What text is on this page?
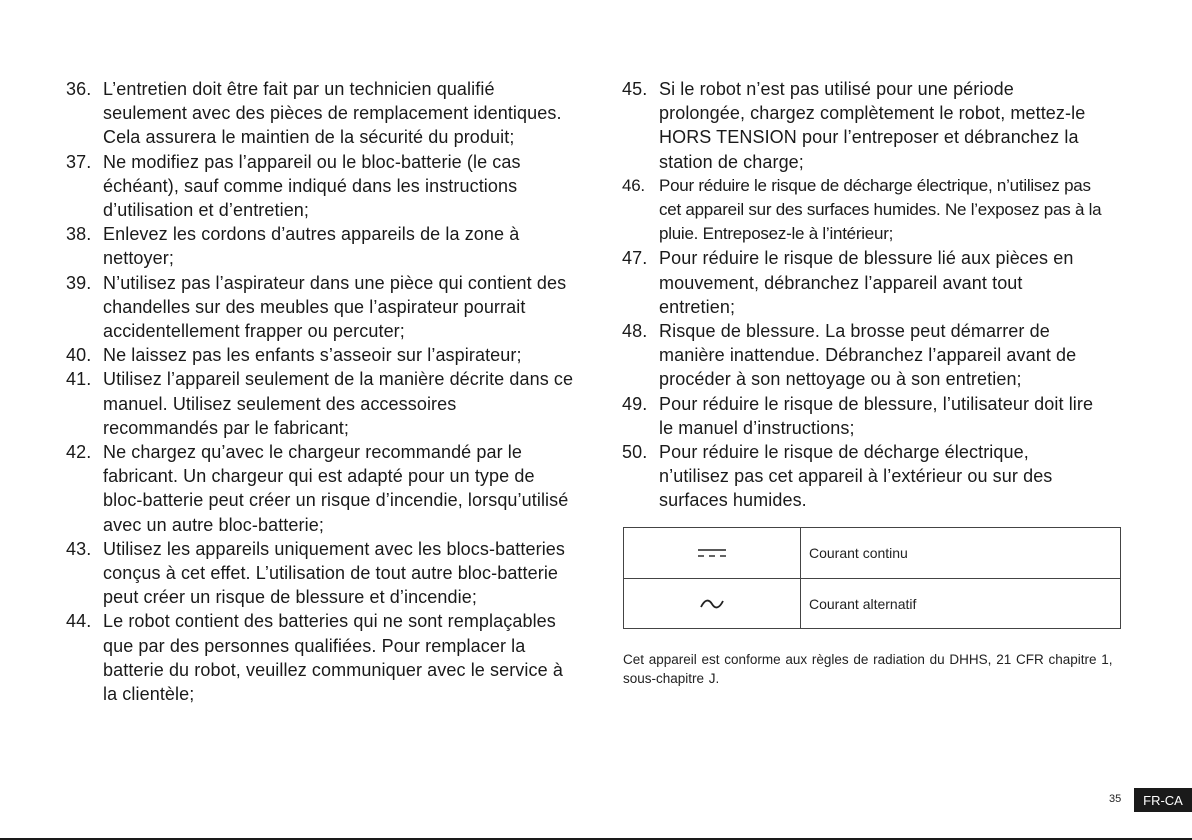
36. L’entretien doit être fait par un technicien qualifié seulement avec des pièces de remplacement identiques. Cela assurera le maintien de la sécurité du produit;
37. Ne modifiez pas l’appareil ou le bloc-batterie (le cas échéant), sauf comme indiqué dans les instructions d’utilisation et d’entretien;
38. Enlevez les cordons d’autres appareils de la zone à nettoyer;
39. N’utilisez pas l’aspirateur dans une pièce qui contient des chandelles sur des meubles que l’aspirateur pourrait accidentellement frapper ou percuter;
40. Ne laissez pas les enfants s’asseoir sur l’aspirateur;
41. Utilisez l’appareil seulement de la manière décrite dans ce manuel. Utilisez seulement des accessoires recommandés par le fabricant;
42. Ne chargez qu’avec le chargeur recommandé par le fabricant. Un chargeur qui est adapté pour un type de bloc-batterie peut créer un risque d’incendie, lorsqu’utilisé avec un autre bloc-batterie;
43. Utilisez les appareils uniquement avec les blocs-batteries conçus à cet effet. L’utilisation de tout autre bloc-batterie peut créer un risque de blessure et d’incendie;
44. Le robot contient des batteries qui ne sont remplaçables que par des personnes qualifiées. Pour remplacer la batterie du robot, veuillez communiquer avec le service à la clientèle;
45. Si le robot n’est pas utilisé pour une période prolongée, chargez complètement le robot, mettez-le HORS TENSION pour l’entreposer et débranchez la station de charge;
46. Pour réduire le risque de décharge électrique, n’utilisez pas cet appareil sur des surfaces humides. Ne l’exposez pas à la pluie. Entreposez-le à l’intérieur;
47. Pour réduire le risque de blessure lié aux pièces en mouvement, débranchez l’appareil avant tout entretien;
48. Risque de blessure. La brosse peut démarrer de manière inattendue. Débranchez l’appareil avant de procéder à son nettoyage ou à son entretien;
49. Pour réduire le risque de blessure, l’utilisateur doit lire le manuel d’instructions;
50. Pour réduire le risque de décharge électrique, n’utilisez pas cet appareil à l’extérieur ou sur des surfaces humides.
Courant continu
Courant alternatif
Cet appareil est conforme aux règles de radiation du DHHS, 21 CFR chapitre 1, sous-chapitre J.
35	FR-CA
